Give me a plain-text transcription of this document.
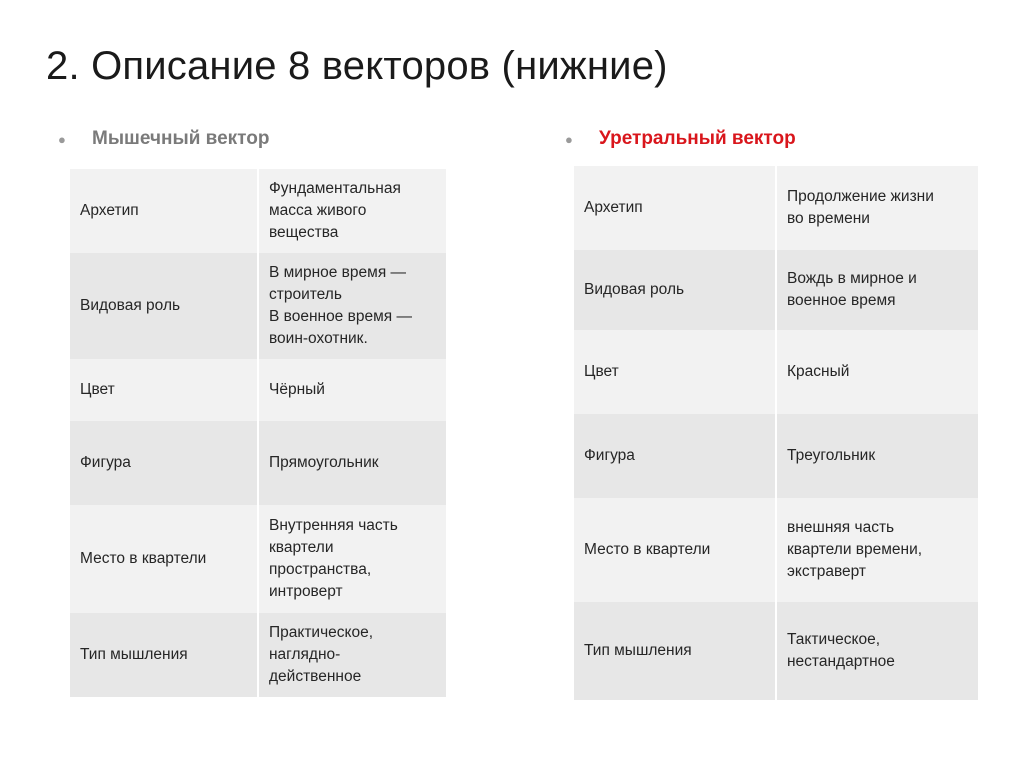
2. Описание 8 векторов (нижние)
● Мышечный вектор	● Уретральный вектор
Архетип	Фундаментальная
масса живого
вещества
Видовая роль	В мирное время —
строитель
В военное время —
воин-охотник.
Цвет	Чёрный
Фигура	Прямоугольник
Место в квартели	Внутренняя часть
квартели
пространства,
интроверт
Тип мышления	Практическое,
наглядно-
действенное
Архетип	Продолжение жизни
во времени
Видовая роль	Вождь в мирное и
военное время
Цвет	Красный
Фигура	Треугольник
Место в квартели	внешняя часть
квартели времени,
экстраверт
Тип мышления	Тактическое,
нестандартное
